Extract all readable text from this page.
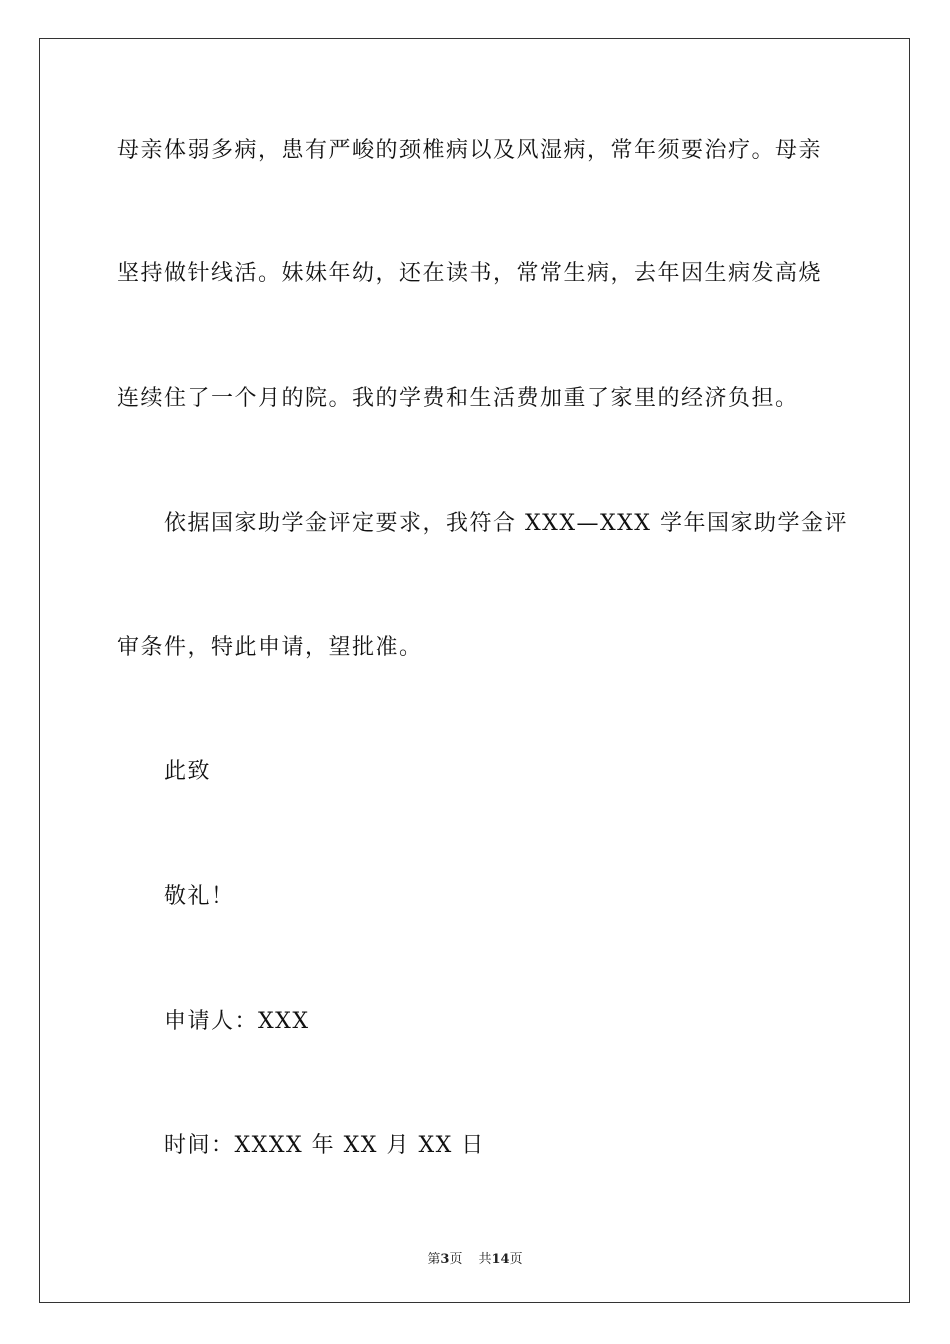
母亲体弱多病，患有严峻的颈椎病以及风湿病，常年须要治疗。母亲
坚持做针线活。妹妹年幼，还在读书，常常生病，去年因生病发高烧
连续住了一个月的院。我的学费和生活费加重了家里的经济负担。
依据国家助学金评定要求，我符合 XXX—XXX 学年国家助学金评
审条件，特此申请，望批准。
此致
敬礼！
申请人：XXX
时间：XXXX 年 XX 月 XX 日
第3页 共14页
